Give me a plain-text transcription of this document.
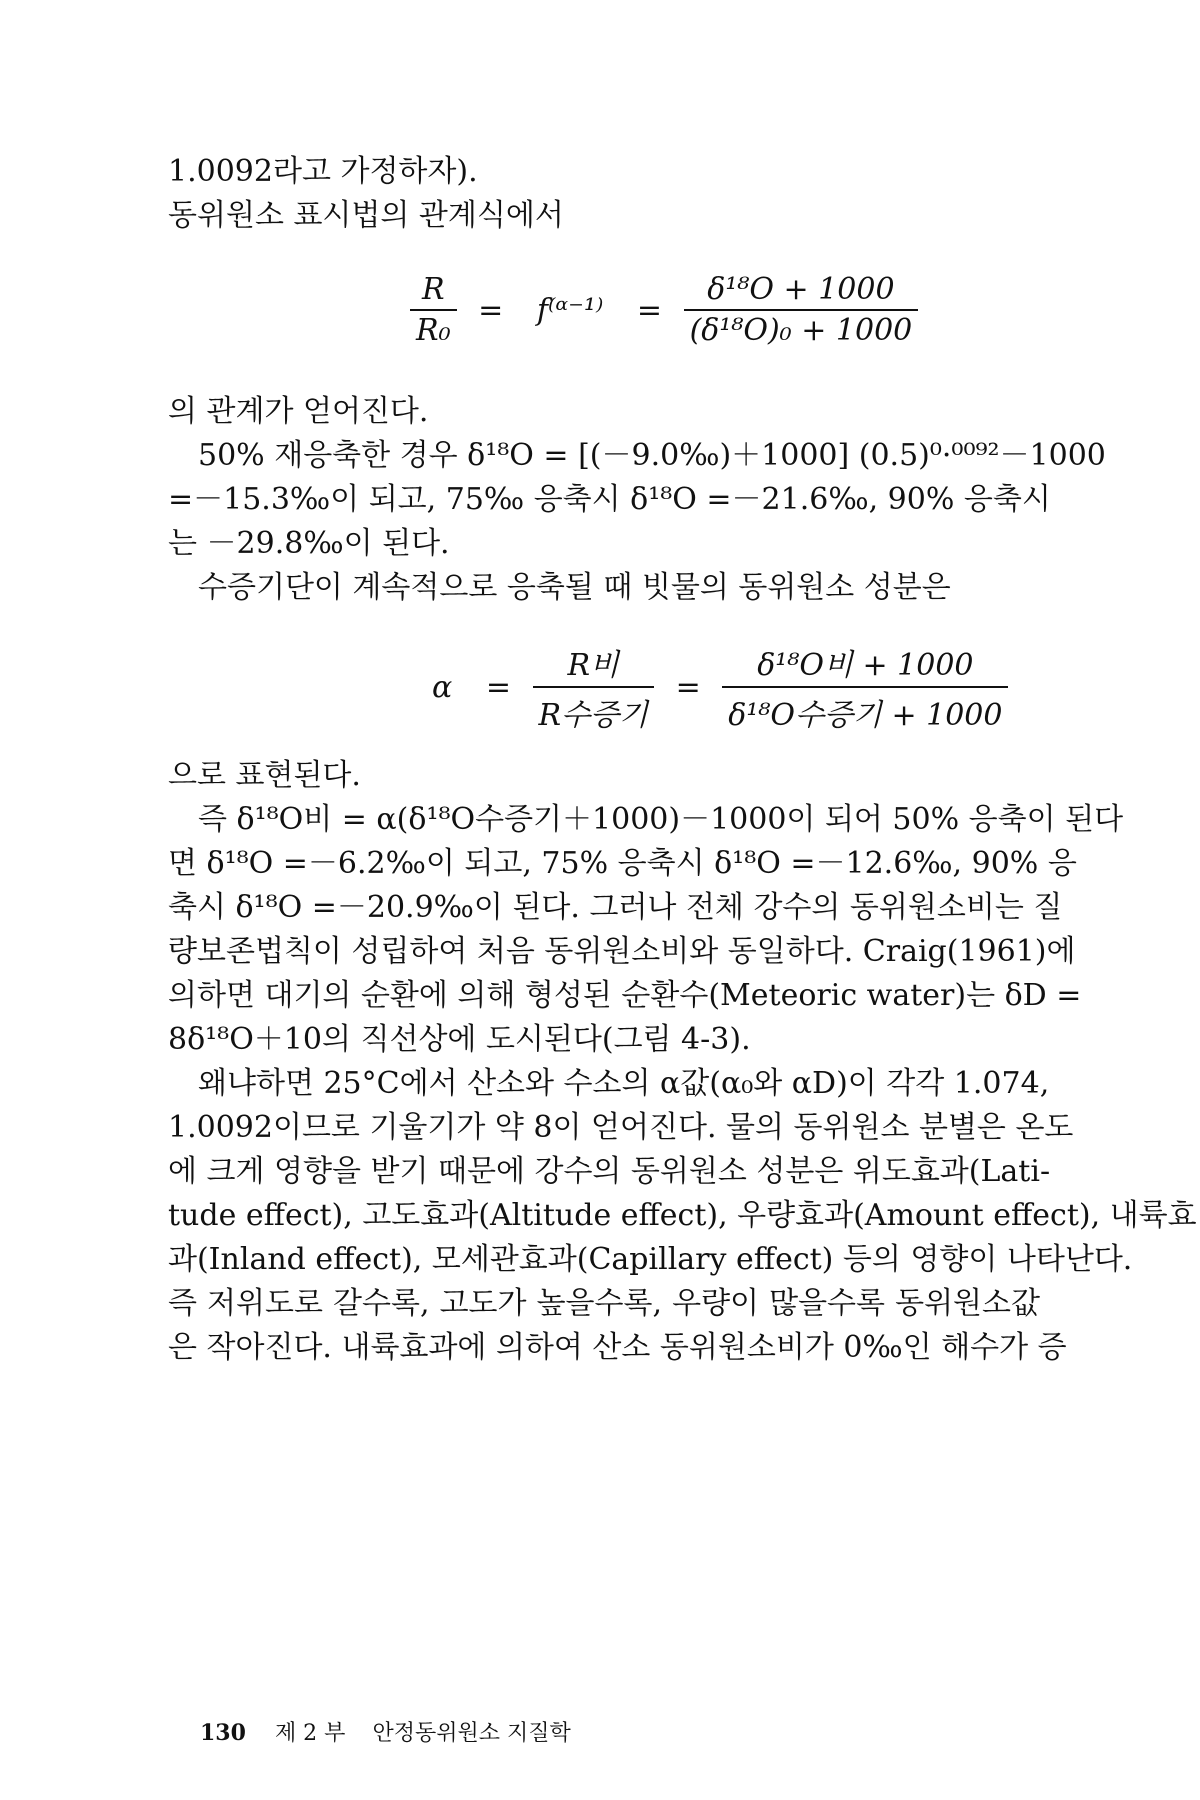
1.0092라고 가정하자).
동위원소 표시법의 관계식에서
$\frac{R}{\text{R₀}}$ = f⁽ᵅ⁻¹⁾ = $\frac{\text{δ¹⁸O + 1000}}{\text{(δ¹⁸O)₀ + 1000}}$
의 관계가 얻어진다.
50% 재응축한 경우 δ¹⁸O = [(－9.0‰)＋1000] (0.5)⁰·⁰⁰⁹²－1000
=－15.3‰이 되고, 75‰ 응축시 δ¹⁸O =－21.6‰, 90% 응축시
는 －29.8‰이 된다.
수증기단이 계속적으로 응축될 때 빗물의 동위원소 성분은
$\alpha = \frac{\text{R비}}{\text{R수증기}} = \frac{\text{δ¹⁸O비 + 1000}}{\text{δ¹⁸O수증기 + 1000}}$
으로 표현된다.
즉 δ¹⁸O비 = α(δ¹⁸O수증기＋1000)－1000이 되어 50% 응축이 된다
면 δ¹⁸O =－6.2‰이 되고, 75% 응축시 δ¹⁸O =－12.6‰, 90% 응
축시 δ¹⁸O =－20.9‰이 된다. 그러나 전체 강수의 동위원소비는 질
량보존법칙이 성립하여 처음 동위원소비와 동일하다. Craig(1961)에
의하면 대기의 순환에 의해 형성된 순환수(Meteoric water)는 δD =
8δ¹⁸O＋10의 직선상에 도시된다(그림 4-3).
왜냐하면 25°C에서 산소와 수소의 α값(α₀와 αD)이 각각 1.074,
1.0092이므로 기울기가 약 8이 얻어진다. 물의 동위원소 분별은 온도
에 크게 영향을 받기 때문에 강수의 동위원소 성분은 위도효과(Lati-
tude effect), 고도효과(Altitude effect), 우량효과(Amount effect), 내륙효
과(Inland effect), 모세관효과(Capillary effect) 등의 영향이 나타난다.
즉 저위도로 갈수록, 고도가 높을수록, 우량이 많을수록 동위원소값
은 작아진다. 내륙효과에 의하여 산소 동위원소비가 0‰인 해수가 증
130 제 2 부 안정동위원소 지질학
